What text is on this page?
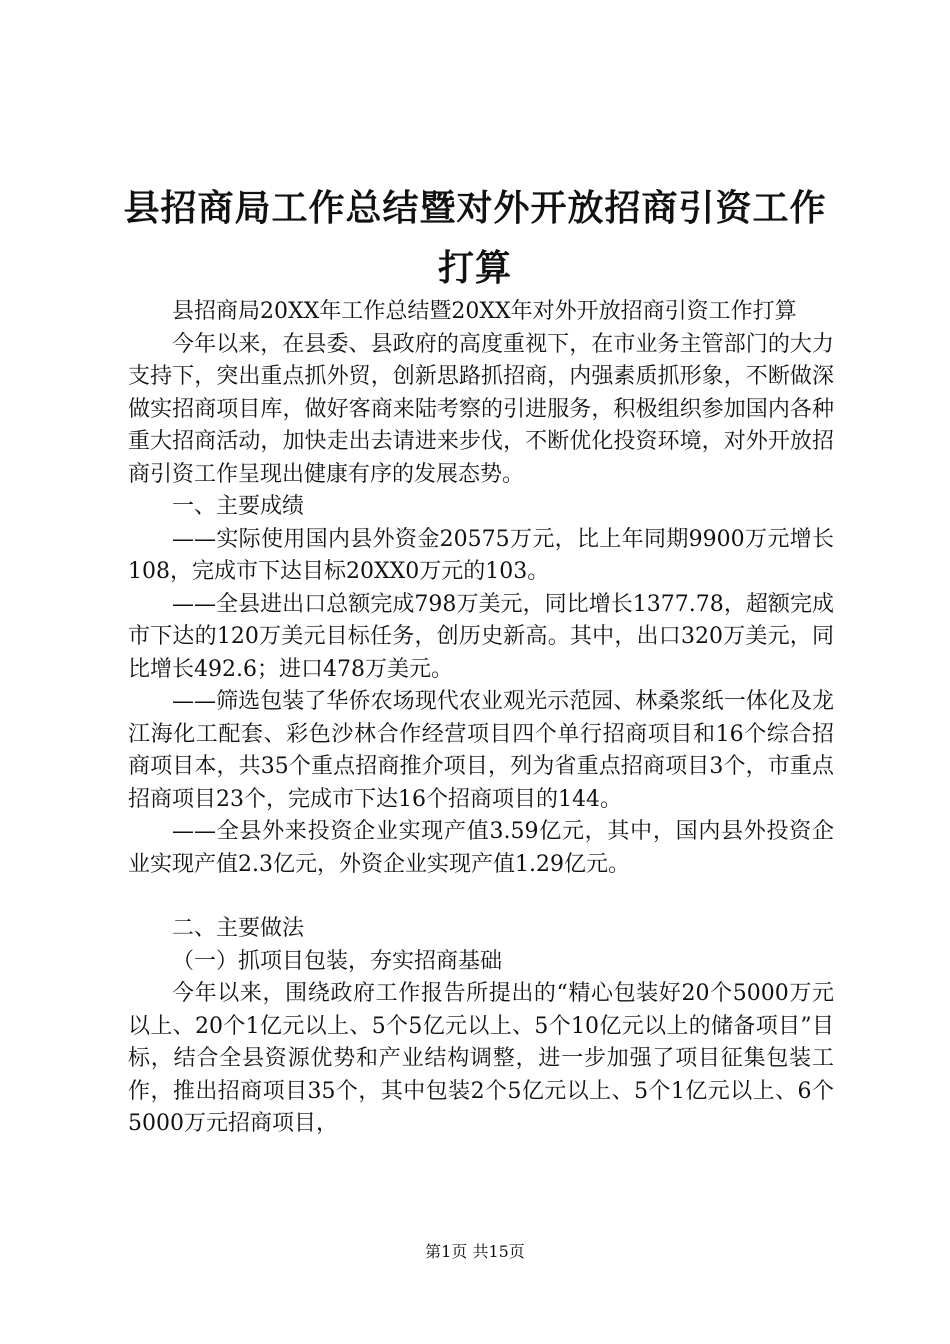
县招商局工作总结暨对外开放招商引资工作打算

县招商局20XX年工作总结暨20XX年对外开放招商引资工作打算

今年以来，在县委、县政府的高度重视下，在市业务主管部门的大力支持下，突出重点抓外贸，创新思路抓招商，内强素质抓形象，不断做深做实招商项目库，做好客商来陆考察的引进服务，积极组织参加国内各种重大招商活动，加快走出去请进来步伐，不断优化投资环境，对外开放招商引资工作呈现出健康有序的发展态势。

一、主要成绩

——实际使用国内县外资金20575万元，比上年同期9900万元增长108，完成市下达目标20XX0万元的103。

——全县进出口总额完成798万美元，同比增长1377.78，超额完成市下达的120万美元目标任务，创历史新高。其中，出口320万美元，同比增长492.6；进口478万美元。

——筛选包装了华侨农场现代农业观光示范园、林桑浆纸一体化及龙江海化工配套、彩色沙林合作经营项目四个单行招商项目和16个综合招商项目本，共35个重点招商推介项目，列为省重点招商项目3个，市重点招商项目23个，完成市下达16个招商项目的144。

——全县外来投资企业实现产值3.59亿元，其中，国内县外投资企业实现产值2.3亿元，外资企业实现产值1.29亿元。

二、主要做法

（一）抓项目包装，夯实招商基础

今年以来，围绕政府工作报告所提出的“精心包装好20个5000万元以上、20个1亿元以上、5个5亿元以上、5个10亿元以上的储备项目”目标，结合全县资源优势和产业结构调整，进一步加强了项目征集包装工作，推出招商项目35个，其中包装2个5亿元以上、5个1亿元以上、6个5000万元招商项目，

第1页 共15页
